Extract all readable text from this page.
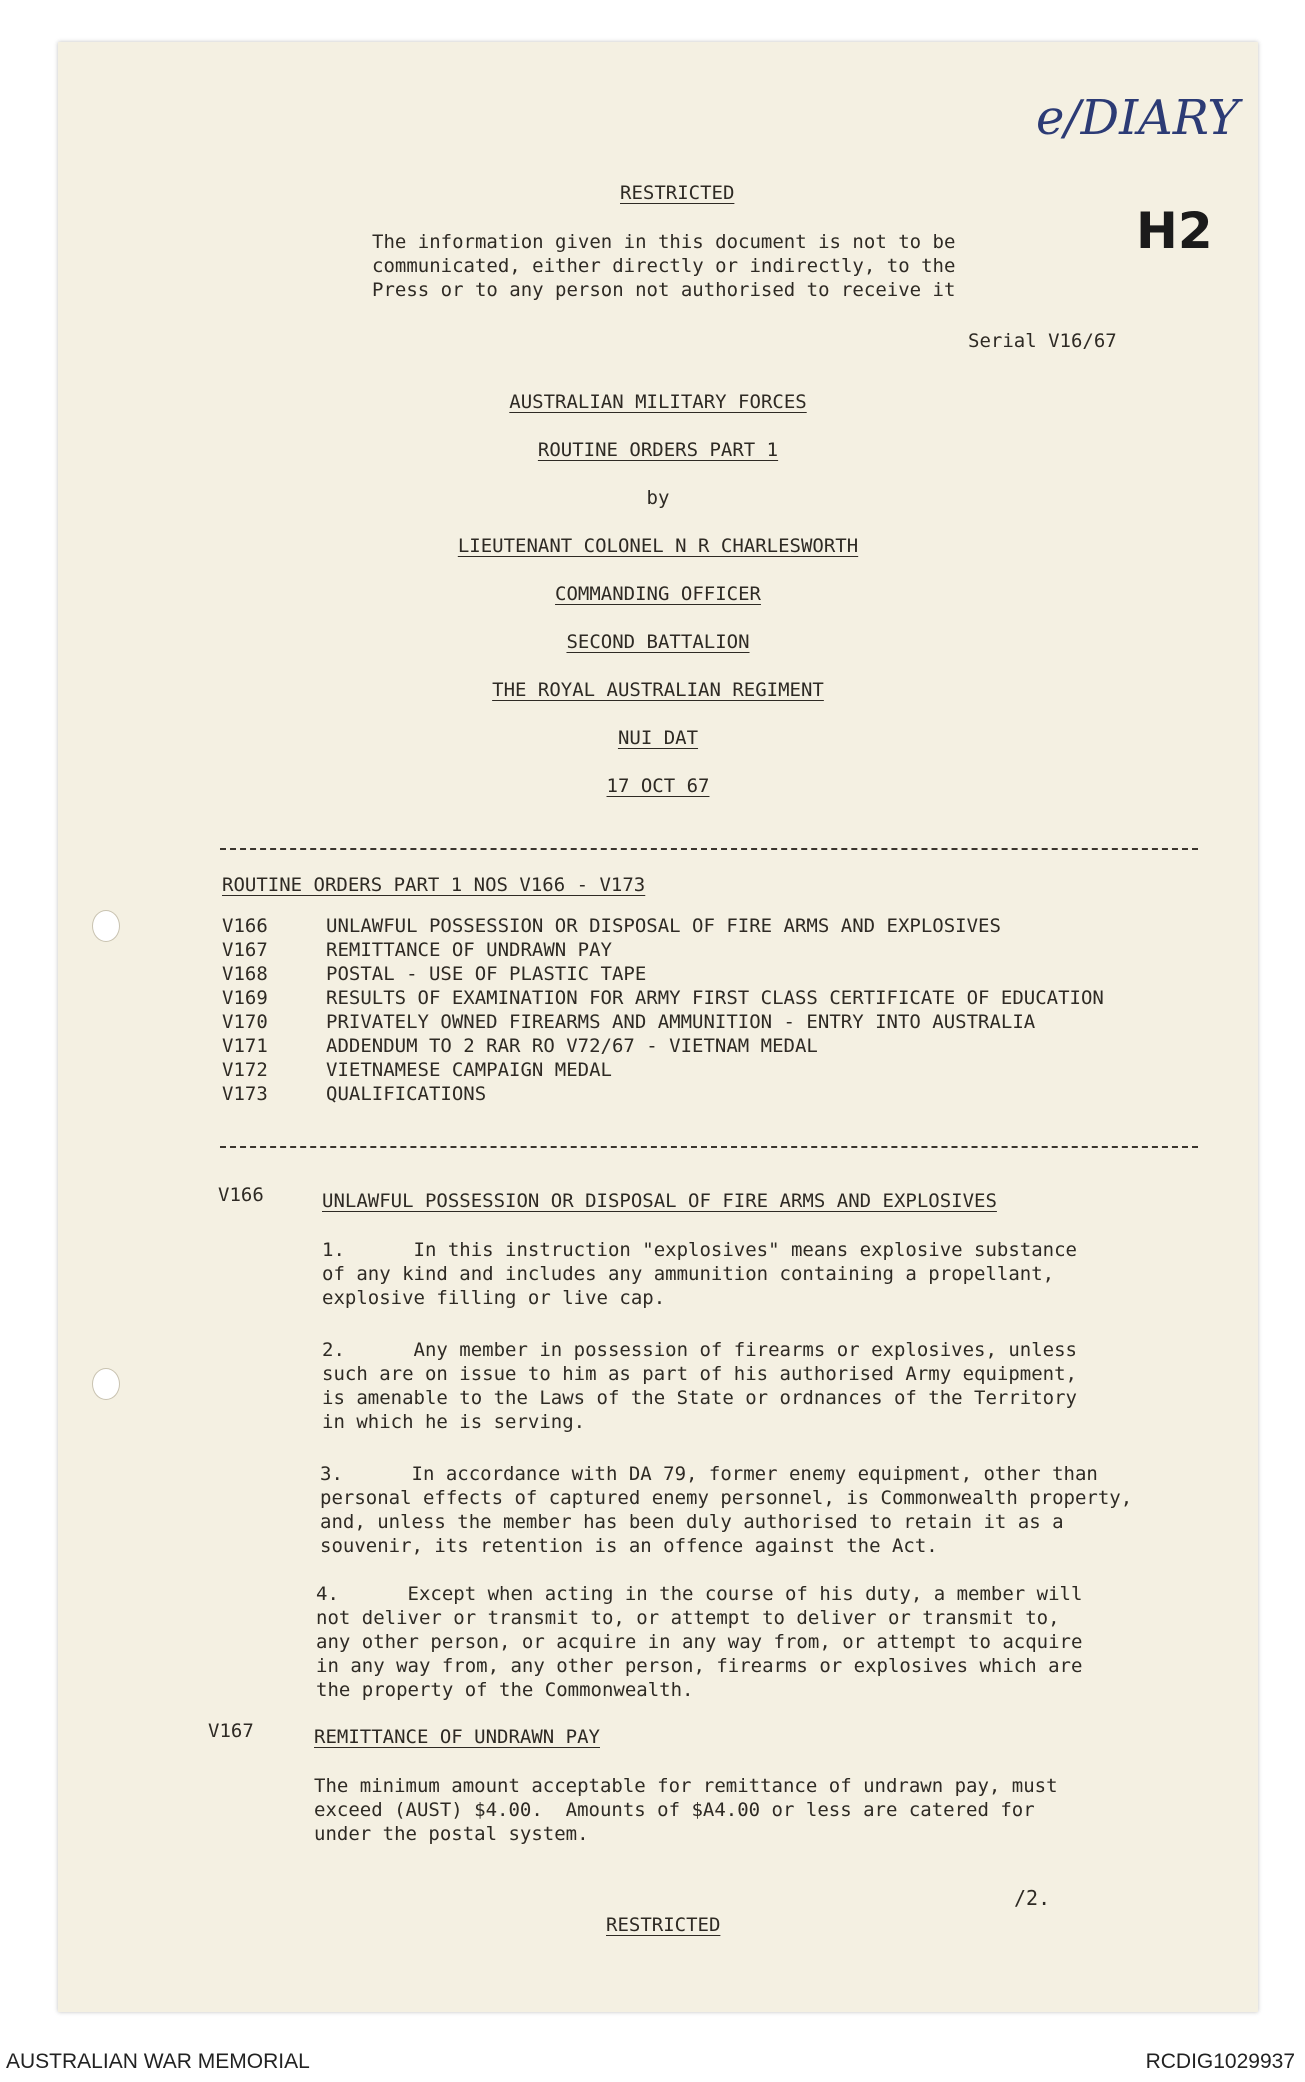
e/DIARY
H2
RESTRICTED
The information given in this document is not to be
communicated, either directly or indirectly, to the
Press or to any person not authorised to receive it
Serial V16/67
AUSTRALIAN MILITARY FORCES
ROUTINE ORDERS PART 1
by
LIEUTENANT COLONEL N R CHARLESWORTH
COMMANDING OFFICER
SECOND BATTALION
THE ROYAL AUSTRALIAN REGIMENT
NUI DAT
17 OCT 67
ROUTINE ORDERS PART 1 NOS V166 - V173
V166	UNLAWFUL POSSESSION OR DISPOSAL OF FIRE ARMS AND EXPLOSIVES
V167	REMITTANCE OF UNDRAWN PAY
V168	POSTAL - USE OF PLASTIC TAPE
V169	RESULTS OF EXAMINATION FOR ARMY FIRST CLASS CERTIFICATE OF EDUCATION
V170	PRIVATELY OWNED FIREARMS AND AMMUNITION - ENTRY INTO AUSTRALIA
V171	ADDENDUM TO 2 RAR RO V72/67 - VIETNAM MEDAL
V172	VIETNAMESE CAMPAIGN MEDAL
V173	QUALIFICATIONS
V166	UNLAWFUL POSSESSION OR DISPOSAL OF FIRE ARMS AND EXPLOSIVES
1.      In this instruction "explosives" means explosive substance
of any kind and includes any ammunition containing a propellant,
explosive filling or live cap.
2.      Any member in possession of firearms or explosives, unless
such are on issue to him as part of his authorised Army equipment,
is amenable to the Laws of the State or ordnances of the Territory
in which he is serving.
3.      In accordance with DA 79, former enemy equipment, other than
personal effects of captured enemy personnel, is Commonwealth property,
and, unless the member has been duly authorised to retain it as a
souvenir, its retention is an offence against the Act.
4.      Except when acting in the course of his duty, a member will
not deliver or transmit to, or attempt to deliver or transmit to,
any other person, or acquire in any way from, or attempt to acquire
in any way from, any other person, firearms or explosives which are
the property of the Commonwealth.
V167	REMITTANCE OF UNDRAWN PAY
The minimum amount acceptable for remittance of undrawn pay, must
exceed (AUST) $4.00.  Amounts of $A4.00 or less are catered for
under the postal system.
/2.
RESTRICTED
AUSTRALIAN WAR MEMORIAL	RCDIG1029937
